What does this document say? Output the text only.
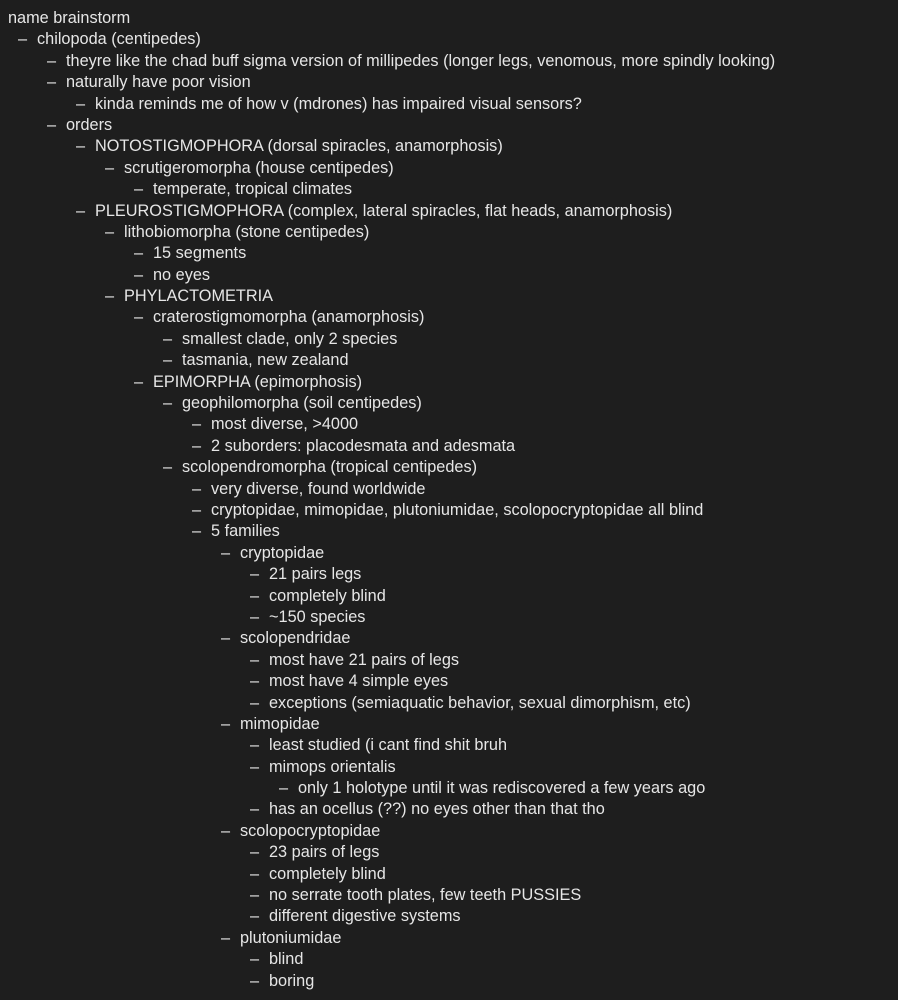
name brainstorm
– chilopoda (centipedes)
– theyre like the chad buff sigma version of millipedes (longer legs, venomous, more spindly looking)
– naturally have poor vision
– kinda reminds me of how v (mdrones) has impaired visual sensors?
– orders
– NOTOSTIGMOPHORA (dorsal spiracles, anamorphosis)
– scrutigeromorpha (house centipedes)
– temperate, tropical climates
– PLEUROSTIGMOPHORA (complex, lateral spiracles, flat heads, anamorphosis)
– lithobiomorpha (stone centipedes)
– 15 segments
– no eyes
– PHYLACTOMETRIA
– craterostigmomorpha (anamorphosis)
– smallest clade, only 2 species
– tasmania, new zealand
– EPIMORPHA (epimorphosis)
– geophilomorpha (soil centipedes)
– most diverse, >4000
– 2 suborders: placodesmata and adesmata
– scolopendromorpha (tropical centipedes)
– very diverse, found worldwide
– cryptopidae, mimopidae, plutoniumidae, scolopocryptopidae all blind
– 5 families
– cryptopidae
– 21 pairs legs
– completely blind
– ~150 species
– scolopendridae
– most have 21 pairs of legs
– most have 4 simple eyes
– exceptions (semiaquatic behavior, sexual dimorphism, etc)
– mimopidae
– least studied (i cant find shit bruh
– mimops orientalis
– only 1 holotype until it was rediscovered a few years ago
– has an ocellus (??) no eyes other than that tho
– scolopocryptopidae
– 23 pairs of legs
– completely blind
– no serrate tooth plates, few teeth PUSSIES
– different digestive systems
– plutoniumidae
– blind
– boring
